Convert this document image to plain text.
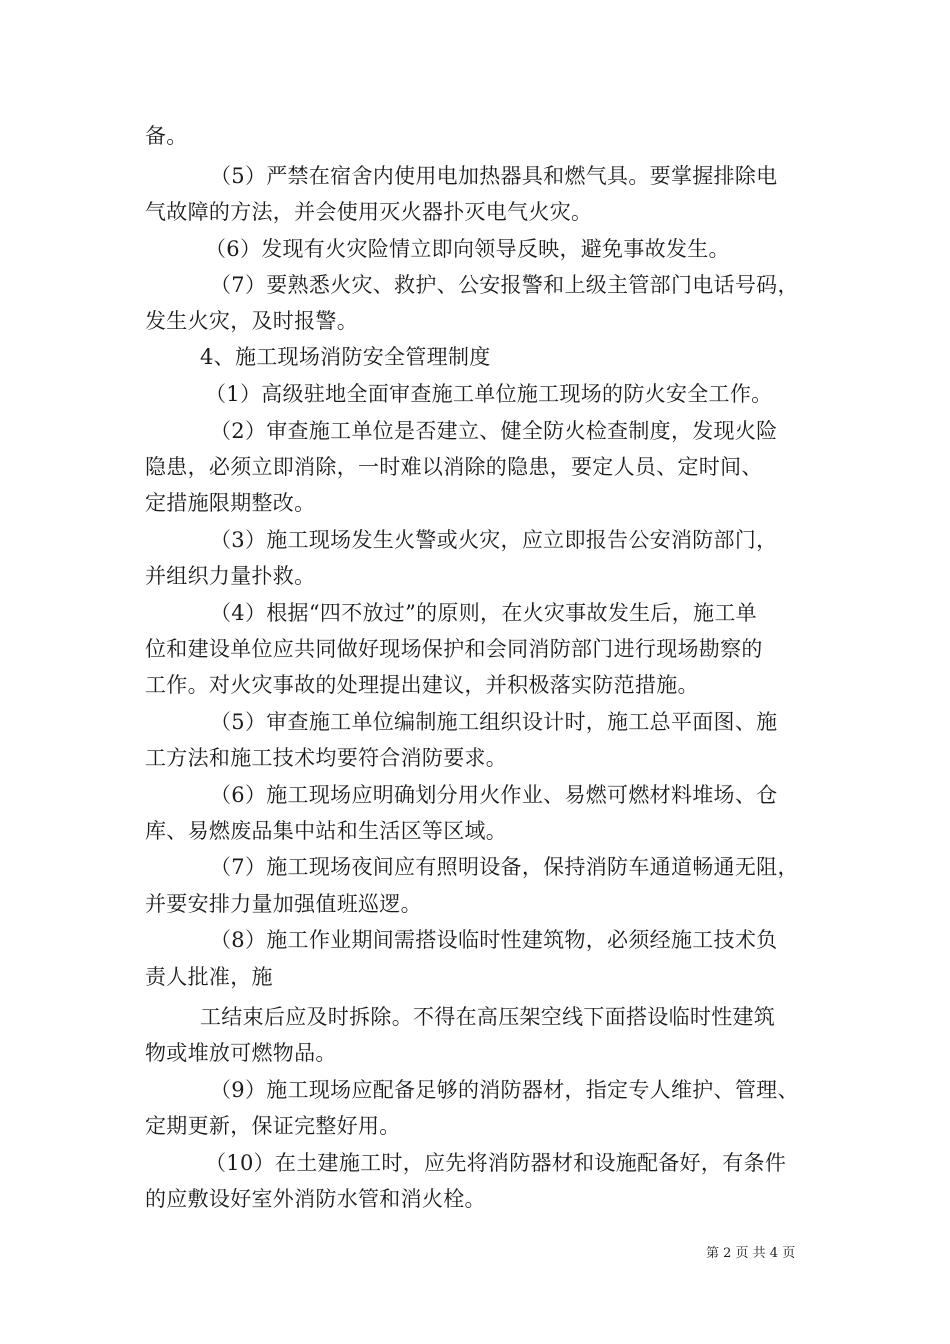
备。
（5）严禁在宿舍内使用电加热器具和燃气具。要掌握排除电
气故障的方法，并会使用灭火器扑灭电气火灾。
（6）发现有火灾险情立即向领导反映，避免事故发生。
（7）要熟悉火灾、救护、公安报警和上级主管部门电话号码，
发生火灾，及时报警。
4、施工现场消防安全管理制度
（1）高级驻地全面审查施工单位施工现场的防火安全工作。
（2）审查施工单位是否建立、健全防火检查制度，发现火险
隐患，必须立即消除，一时难以消除的隐患，要定人员、定时间、
定措施限期整改。
（3）施工现场发生火警或火灾，应立即报告公安消防部门，
并组织力量扑救。
（4）根据“四不放过”的原则，在火灾事故发生后，施工单
位和建设单位应共同做好现场保护和会同消防部门进行现场勘察的
工作。对火灾事故的处理提出建议，并积极落实防范措施。
（5）审查施工单位编制施工组织设计时，施工总平面图、施
工方法和施工技术均要符合消防要求。
（6）施工现场应明确划分用火作业、易燃可燃材料堆场、仓
库、易燃废品集中站和生活区等区域。
（7）施工现场夜间应有照明设备，保持消防车通道畅通无阻，
并要安排力量加强值班巡逻。
（8）施工作业期间需搭设临时性建筑物，必须经施工技术负
责人批准，施
工结束后应及时拆除。不得在高压架空线下面搭设临时性建筑
物或堆放可燃物品。
（9）施工现场应配备足够的消防器材，指定专人维护、管理、
定期更新，保证完整好用。
（10）在土建施工时，应先将消防器材和设施配备好，有条件
的应敷设好室外消防水管和消火栓。
第 2 页 共 4 页
